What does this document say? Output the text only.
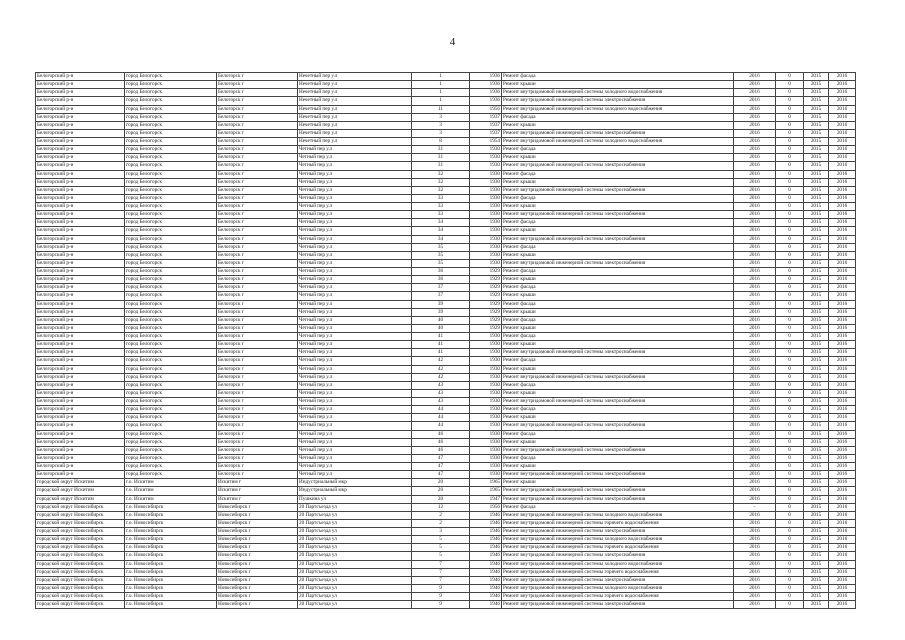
4
Белогорский р-н	город Белогорск	Белогорск г	Нечетный пер у.л	1	1936	Ремонт фасада	2016	0	2015	2016
Белогорский р-н	город Белогорск	Белогорск г	Нечетный пер у.л	1	1936	Ремонт крыши	2016	0	2015	2016
Белогорский р-н	город Белогорск	Белогорск г	Нечетный пер у.л	1	1936	Ремонт внутридомовой инженерной системы холодного водоснабжения	2016	0	2015	2016
Белогорский р-н	город Белогорск	Белогорск г	Нечетный пер у.л	1	1936	Ремонт внутридомовой инженерной системы электроснабжения	2016	0	2015	2016
Белогорский р-н	город Белогорск	Белогорск г	Нечетный пер у.л	11	1956	Ремонт внутридомовой инженерной системы холодного водоснабжения	2016	0	2015	2016
Белогорский р-н	город Белогорск	Белогорск г	Нечетный пер у.л	3	1937	Ремонт фасада	2016	0	2015	2016
Белогорский р-н	город Белогорск	Белогорск г	Нечетный пер у.л	3	1937	Ремонт крыши	2016	0	2015	2016
Белогорский р-н	город Белогорск	Белогорск г	Нечетный пер у.л	3	1937	Ремонт внутридомовой инженерной системы электроснабжения	2016	0	2015	2016
Белогорский р-н	город Белогорск	Белогорск г	Нечетный пер у.л	8	1954	Ремонт внутридомовой инженерной системы холодного водоснабжения	2016	0	2015	2016
Белогорский р-н	город Белогорск	Белогорск г	Четный пер у.л	31	1930	Ремонт фасада	2016	0	2015	2016
Белогорский р-н	город Белогорск	Белогорск г	Четный пер у.л	31	1930	Ремонт крыши	2016	0	2015	2016
Белогорский р-н	город Белогорск	Белогорск г	Четный пер у.л	31	1930	Ремонт внутридомовой инженерной системы электроснабжения	2016	0	2015	2016
Белогорский р-н	город Белогорск	Белогорск г	Четный пер у.л	32	1930	Ремонт фасада	2016	0	2015	2016
Белогорский р-н	город Белогорск	Белогорск г	Четный пер у.л	32	1930	Ремонт крыши	2016	0	2015	2016
Белогорский р-н	город Белогорск	Белогорск г	Четный пер у.л	32	1930	Ремонт внутридомовой инженерной системы электроснабжения	2016	0	2015	2016
Белогорский р-н	город Белогорск	Белогорск г	Четный пер у.л	33	1930	Ремонт фасада	2016	0	2015	2016
Белогорский р-н	город Белогорск	Белогорск г	Четный пер у.л	33	1930	Ремонт крыши	2016	0	2015	2016
Белогорский р-н	город Белогорск	Белогорск г	Четный пер у.л	33	1930	Ремонт внутридомовой инженерной системы электроснабжения	2016	0	2015	2016
Белогорский р-н	город Белогорск	Белогорск г	Четный пер у.л	34	1930	Ремонт фасада	2016	0	2015	2016
Белогорский р-н	город Белогорск	Белогорск г	Четный пер у.л	34	1930	Ремонт крыши	2016	0	2015	2016
Белогорский р-н	город Белогорск	Белогорск г	Четный пер у.л	34	1930	Ремонт внутридомовой инженерной системы электроснабжения	2016	0	2015	2016
Белогорский р-н	город Белогорск	Белогорск г	Четный пер у.л	35	1930	Ремонт фасада	2016	0	2015	2016
Белогорский р-н	город Белогорск	Белогорск г	Четный пер у.л	35	1930	Ремонт крыши	2016	0	2015	2016
Белогорский р-н	город Белогорск	Белогорск г	Четный пер у.л	35	1930	Ремонт внутридомовой инженерной системы электроснабжения	2016	0	2015	2016
Белогорский р-н	город Белогорск	Белогорск г	Четный пер у.л	36	1929	Ремонт фасада	2016	0	2015	2016
Белогорский р-н	город Белогорск	Белогорск г	Четный пер у.л	36	1929	Ремонт крыши	2016	0	2015	2016
Белогорский р-н	город Белогорск	Белогорск г	Четный пер у.л	37	1929	Ремонт фасада	2016	0	2015	2016
Белогорский р-н	город Белогорск	Белогорск г	Четный пер у.л	37	1929	Ремонт крыши	2016	0	2015	2016
Белогорский р-н	город Белогорск	Белогорск г	Четный пер у.л	39	1929	Ремонт фасада	2016	0	2015	2016
Белогорский р-н	город Белогорск	Белогорск г	Четный пер у.л	39	1929	Ремонт крыши	2016	0	2015	2016
Белогорский р-н	город Белогорск	Белогорск г	Четный пер у.л	40	1929	Ремонт фасада	2016	0	2015	2016
Белогорский р-н	город Белогорск	Белогорск г	Четный пер у.л	40	1929	Ремонт крыши	2016	0	2015	2016
Белогорский р-н	город Белогорск	Белогорск г	Четный пер у.л	41	1930	Ремонт фасада	2016	0	2015	2016
Белогорский р-н	город Белогорск	Белогорск г	Четный пер у.л	41	1930	Ремонт крыши	2016	0	2015	2016
Белогорский р-н	город Белогорск	Белогорск г	Четный пер у.л	41	1930	Ремонт внутридомовой инженерной системы электроснабжения	2016	0	2015	2016
Белогорский р-н	город Белогорск	Белогорск г	Четный пер у.л	42	1930	Ремонт фасада	2016	0	2015	2016
Белогорский р-н	город Белогорск	Белогорск г	Четный пер у.л	42	1930	Ремонт крыши	2016	0	2015	2016
Белогорский р-н	город Белогорск	Белогорск г	Четный пер у.л	42	1930	Ремонт внутридомовой инженерной системы электроснабжения	2016	0	2015	2016
Белогорский р-н	город Белогорск	Белогорск г	Четный пер у.л	43	1930	Ремонт фасада	2016	0	2015	2016
Белогорский р-н	город Белогорск	Белогорск г	Четный пер у.л	43	1930	Ремонт крыши	2016	0	2015	2016
Белогорский р-н	город Белогорск	Белогорск г	Четный пер у.л	43	1930	Ремонт внутридомовой инженерной системы электроснабжения	2016	0	2015	2016
Белогорский р-н	город Белогорск	Белогорск г	Четный пер у.л	44	1930	Ремонт фасада	2016	0	2015	2016
Белогорский р-н	город Белогорск	Белогорск г	Четный пер у.л	44	1930	Ремонт крыши	2016	0	2015	2016
Белогорский р-н	город Белогорск	Белогорск г	Четный пер у.л	44	1930	Ремонт внутридомовой инженерной системы электроснабжения	2016	0	2015	2016
Белогорский р-н	город Белогорск	Белогорск г	Четный пер у.л	46	1930	Ремонт фасада	2016	0	2015	2016
Белогорский р-н	город Белогорск	Белогорск г	Четный пер у.л	46	1930	Ремонт крыши	2016	0	2015	2016
Белогорский р-н	город Белогорск	Белогорск г	Четный пер у.л	46	1930	Ремонт внутридомовой инженерной системы электроснабжения	2016	0	2015	2016
Белогорский р-н	город Белогорск	Белогорск г	Четный пер у.л	47	1930	Ремонт фасада	2016	0	2015	2016
Белогорский р-н	город Белогорск	Белогорск г	Четный пер у.л	47	1930	Ремонт крыши	2016	0	2015	2016
Белогорский р-н	город Белогорск	Белогорск г	Четный пер у.л	47	1930	Ремонт внутридомовой инженерной системы электроснабжения	2016	0	2015	2016
городской округ Искитим	г.о. Искитим	Искитим г	Индустриальный мкр	20	1965	Ремонт крыши	2016	0	2015	2016
городской округ Искитим	г.о. Искитим	Искитим г	Индустриальный мкр	20	1965	Ремонт внутридомовой инженерной системы электроснабжения	2016	0	2015	2016
городской округ Искитим	г.о. Искитим	Искитим г	Пушкина ул	20	1947	Ремонт внутридомовой инженерной системы электроснабжения	2016	0	2015	2016
городской округ Новосибирск	г.о. Новосибирск	Новосибирск г	20 Партсъезда ул	12	1956	Ремонт фасада	-	0	2015	2016
городской округ Новосибирск	г.о. Новосибирск	Новосибирск г	20 Партсъезда ул	2	1946	Ремонт внутридомовой инженерной системы холодного водоснабжения	2016	0	2015	2016
городской округ Новосибирск	г.о. Новосибирск	Новосибирск г	20 Партсъезда ул	2	1946	Ремонт внутридомовой инженерной системы горячего водоснабжения	2016	0	2015	2016
городской округ Новосибирск	г.о. Новосибирск	Новосибирск г	20 Партсъезда ул	3	1946	Ремонт внутридомовой инженерной системы электроснабжения	2016	0	2015	2016
городской округ Новосибирск	г.о. Новосибирск	Новосибирск г	20 Партсъезда ул	5	1946	Ремонт внутридомовой инженерной системы холодного водоснабжения	2016	0	2015	2016
городской округ Новосибирск	г.о. Новосибирск	Новосибирск г	20 Партсъезда ул	5	1946	Ремонт внутридомовой инженерной системы горячего водоснабжения	2016	0	2015	2016
городской округ Новосибирск	г.о. Новосибирск	Новосибирск г	20 Партсъезда ул	5	1946	Ремонт внутридомовой инженерной системы электроснабжения	2016	0	2015	2016
городской округ Новосибирск	г.о. Новосибирск	Новосибирск г	20 Партсъезда ул	7	1946	Ремонт внутридомовой инженерной системы холодного водоснабжения	2016	0	2015	2016
городской округ Новосибирск	г.о. Новосибирск	Новосибирск г	20 Партсъезда ул	7	1946	Ремонт внутридомовой инженерной системы горячего водоснабжения	2016	0	2015	2016
городской округ Новосибирск	г.о. Новосибирск	Новосибирск г	20 Партсъезда ул	7	1946	Ремонт внутридомовой инженерной системы электроснабжения	2016	0	2015	2016
городской округ Новосибирск	г.о. Новосибирск	Новосибирск г	20 Партсъезда ул	9	1946	Ремонт внутридомовой инженерной системы холодного водоснабжения	2016	0	2015	2016
городской округ Новосибирск	г.о. Новосибирск	Новосибирск г	20 Партсъезда ул	9	1946	Ремонт внутридомовой инженерной системы горячего водоснабжения	2016	0	2015	2016
городской округ Новосибирск	г.о. Новосибирск	Новосибирск г	20 Партсъезда ул	9	1946	Ремонт внутридомовой инженерной системы электроснабжения	2016	0	2015	2016
